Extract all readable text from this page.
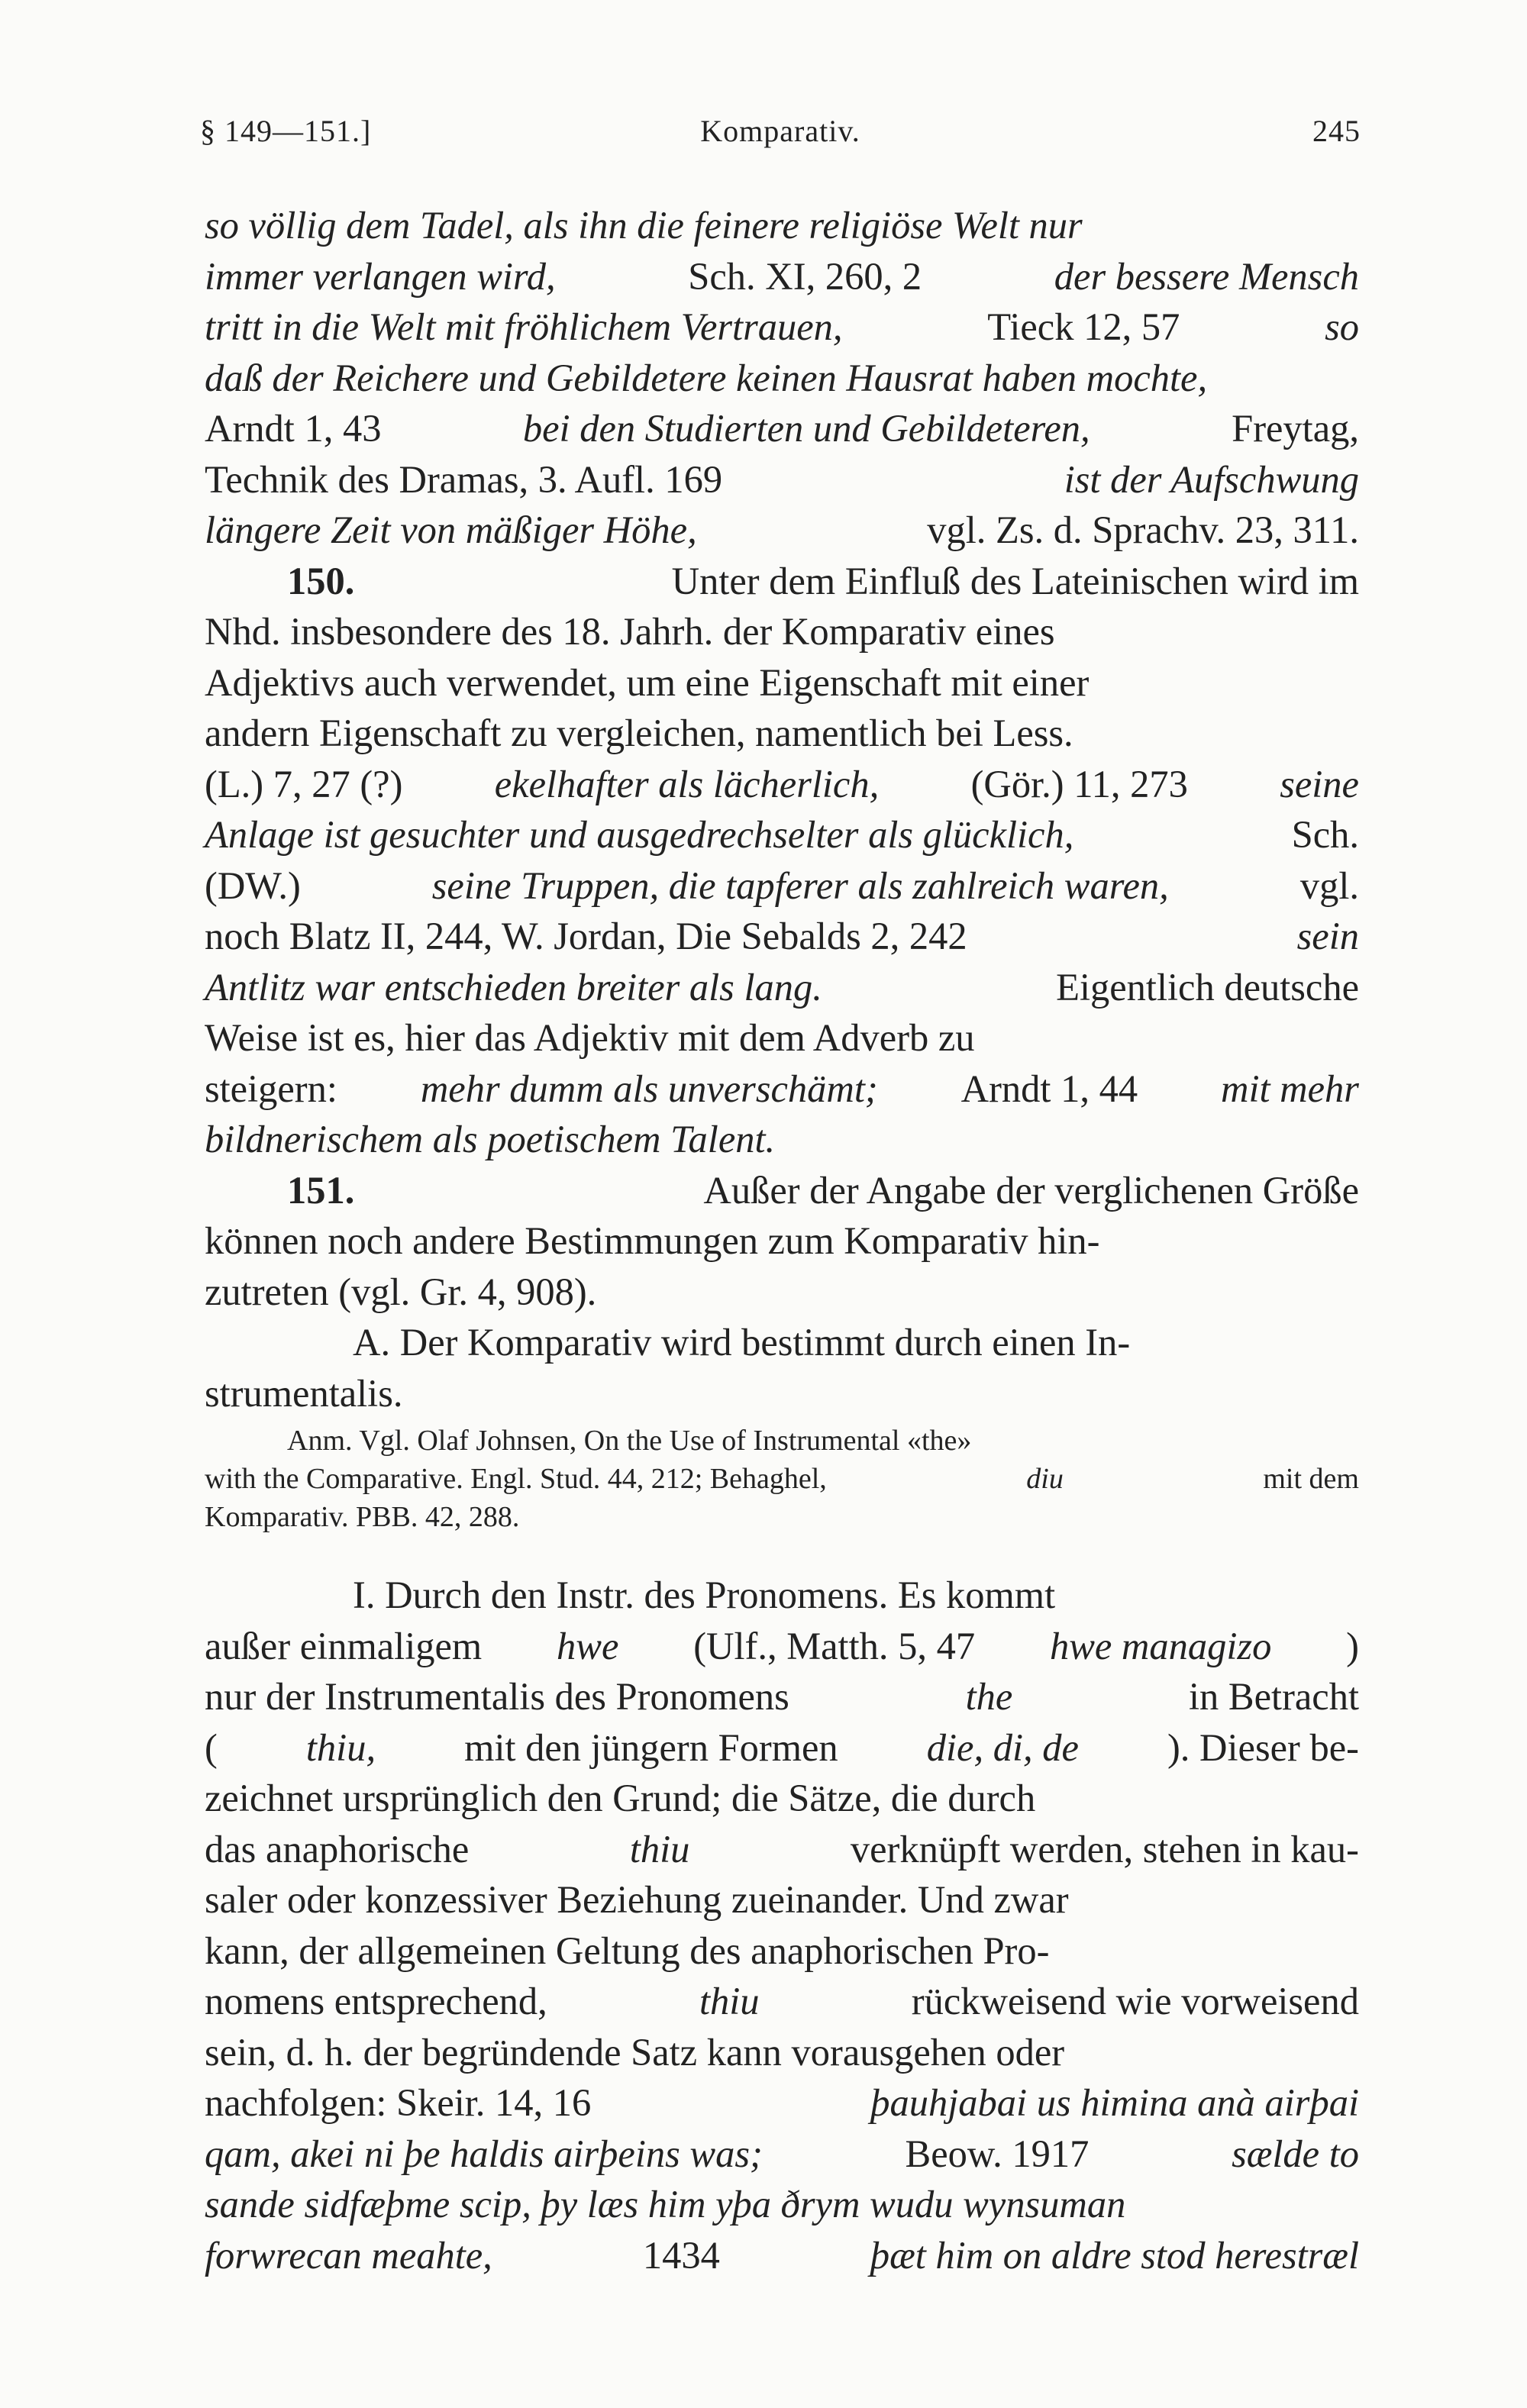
§ 149—151.]	Komparativ.	245
so völlig dem Tadel, als ihn die feinere religiöse Welt nur
immer verlangen wird,	Sch. XI, 260, 2	der bessere Mensch
tritt in die Welt mit fröhlichem Vertrauen,	Tieck 12, 57	so
daß der Reichere und Gebildetere keinen Hausrat haben mochte,
Arndt 1, 43	bei den Studierten und Gebildeteren,	Freytag,
Technik des Dramas, 3. Aufl. 169	ist der Aufschwung
längere Zeit von mäßiger Höhe,	vgl. Zs. d. Sprachv. 23, 311.
150.	Unter dem Einfluß des Lateinischen wird im
Nhd. insbesondere des 18. Jahrh. der Komparativ eines
Adjektivs auch verwendet, um eine Eigenschaft mit einer
andern Eigenschaft zu vergleichen, namentlich bei Less.
(L.) 7, 27 (?) ekelhafter als lächerlich, (Gör.) 11, 273 seine
Anlage ist gesuchter und ausgedrechselter als glücklich,	Sch.
(DW.)	seine Truppen, die tapferer als zahlreich waren,	vgl.
noch Blatz II, 244, W. Jordan, Die Sebalds 2, 242	sein
Antlitz war entschieden breiter als lang.	Eigentlich deutsche
Weise ist es, hier das Adjektiv mit dem Adverb zu
steigern: mehr dumm als unverschämt; Arndt 1, 44 mit mehr
bildnerischem als poetischem Talent.
151.	Außer der Angabe der verglichenen Größe
können noch andere Bestimmungen zum Komparativ hin-
zutreten (vgl. Gr. 4, 908).
A. Der Komparativ wird bestimmt durch einen In-
strumentalis.
Anm. Vgl. Olaf Johnsen, On the Use of Instrumental «the»
with the Comparative. Engl. Stud. 44, 212; Behaghel,	diu	mit dem
Komparativ. PBB. 42, 288.
I. Durch den Instr. des Pronomens. Es kommt
außer einmaligem hwe (Ulf., Matth. 5, 47 hwe managizo )
nur der Instrumentalis des Pronomens	the	in Betracht
( thiu, mit den jüngern Formen die, di, de ). Dieser be-
zeichnet ursprünglich den Grund; die Sätze, die durch
das anaphorische	thiu	verknüpft werden, stehen in kau-
saler oder konzessiver Beziehung zueinander. Und zwar
kann, der allgemeinen Geltung des anaphorischen Pro-
nomens entsprechend,	thiu	rückweisend wie vorweisend
sein, d. h. der begründende Satz kann vorausgehen oder
nachfolgen: Skeir. 14, 16	þauhjabai us himina anà airþai
qam, akei ni þe haldis airþeins was;	Beow. 1917	sælde to
sande sidfæþme scip, þy læs him yþa ðrym wudu wynsuman
forwrecan meahte,	1434	þæt him on aldre stod herestræl
